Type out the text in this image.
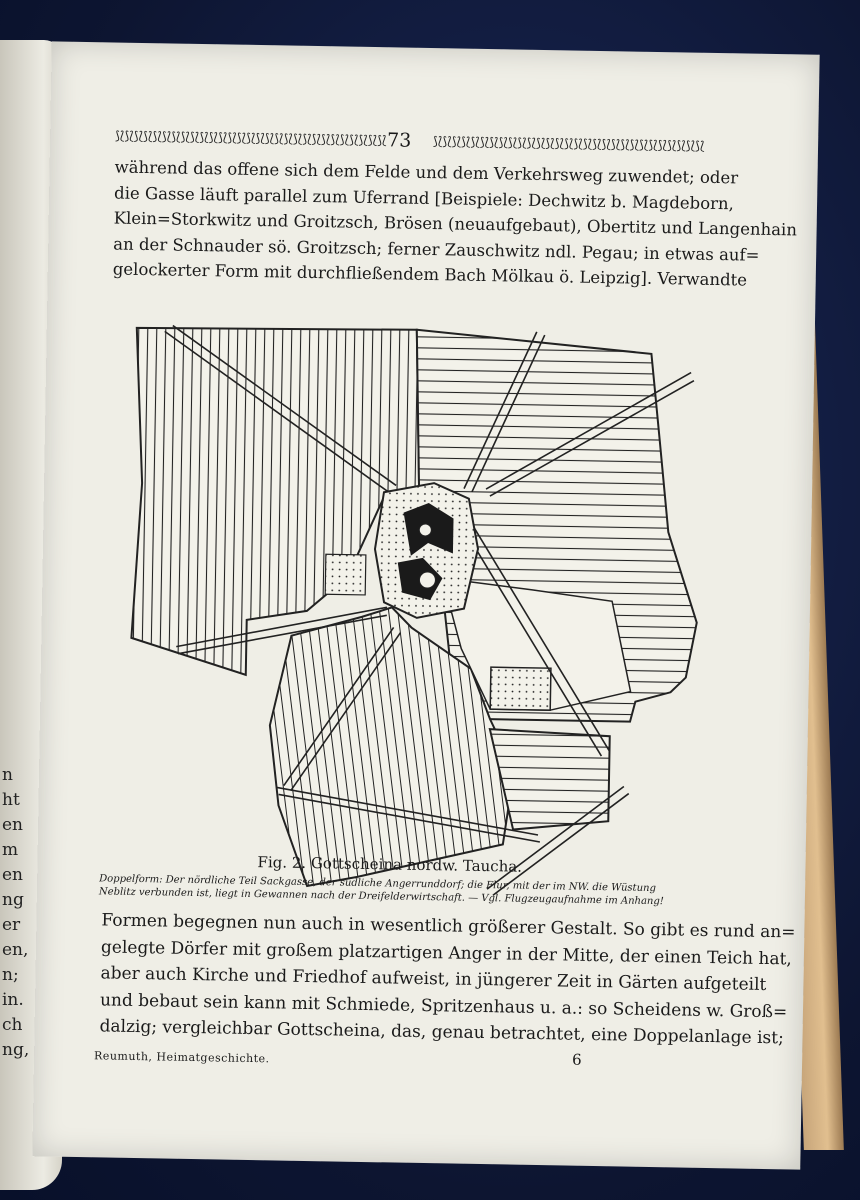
n
ht
en
m
en
ng
er
en,
n;
in.
ch
ng,
⟆⟅⟆⟅⟆⟅⟆⟅⟆⟅⟆⟅⟆⟅⟆⟅⟆⟅⟆⟅⟆⟅⟆⟅⟆⟅⟆⟅⟆⟅⟆⟅⟆⟅⟆⟅⟆⟅⟆⟅⟆⟅⟆⟅⟆⟅⟆⟅⟆⟅⟆⟅⟆⟅⟆⟅⟆⟅ 73 ⟆⟅⟆⟅⟆⟅⟆⟅⟆⟅⟆⟅⟆⟅⟆⟅⟆⟅⟆⟅⟆⟅⟆⟅⟆⟅⟆⟅⟆⟅⟆⟅⟆⟅⟆⟅⟆⟅⟆⟅⟆⟅⟆⟅⟆⟅⟆⟅⟆⟅⟆⟅⟆⟅⟆⟅⟆⟅
während das offene sich dem Felde und dem Verkehrsweg zuwendet; oder
die Gasse läuft parallel zum Uferrand [Beispiele: Dechwitz b. Magdeborn,
Klein=Storkwitz und Groitzsch, Brösen (neuaufgebaut), Obertitz und Langenhain
an der Schnauder sö. Groitzsch; ferner Zauschwitz ndl. Pegau; in etwas auf=
gelockerter Form mit durchfließendem Bach Mölkau ö. Leipzig]. Verwandte
Fig. 2. Gottscheina nordw. Taucha.
Doppelform: Der nördliche Teil Sackgasse, der südliche Angerrunddorf; die Flur, mit der im NW. die Wüstung Neblitz verbunden ist, liegt in Gewannen nach der Dreifelderwirtschaft. — Vgl. Flugzeugaufnahme im Anhang!
Formen begegnen nun auch in wesentlich größerer Gestalt. So gibt es rund an=
gelegte Dörfer mit großem platzartigen Anger in der Mitte, der einen Teich hat,
aber auch Kirche und Friedhof aufweist, in jüngerer Zeit in Gärten aufgeteilt
und bebaut sein kann mit Schmiede, Spritzenhaus u. a.: so Scheidens w. Groß=
dalzig; vergleichbar Gottscheina, das, genau betrachtet, eine Doppelanlage ist;
Reumuth, Heimatgeschichte.	6
